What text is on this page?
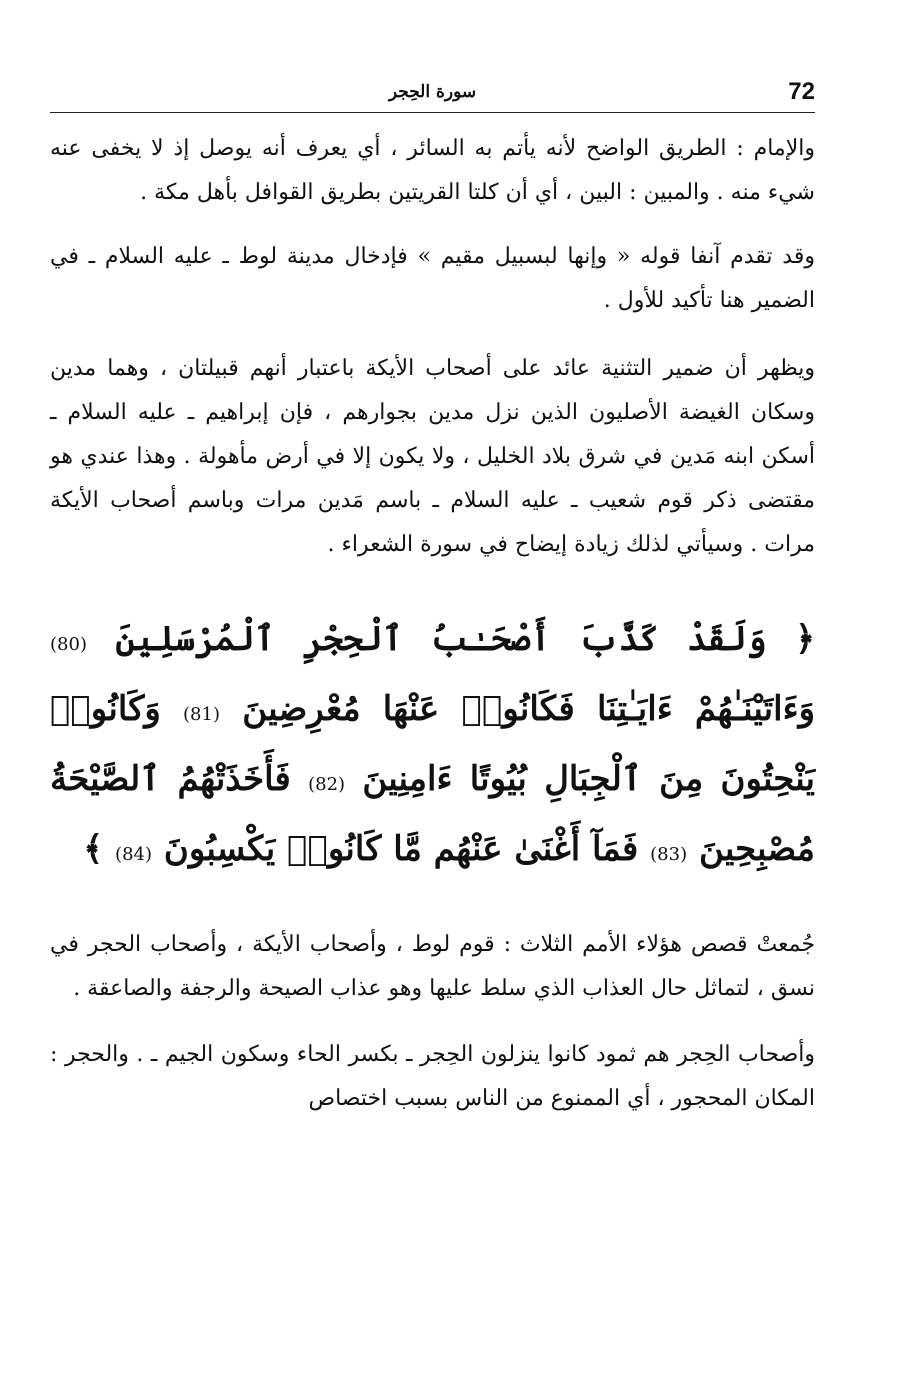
72
سورة الحِجر

والإمام : الطريق الواضح لأنه يأتم به السائر ، أي يعرف أنه يوصل إذ لا يخفى عنه شيء منه . والمبين : البين ، أي أن كلتا القريتين بطريق القوافل بأهل مكة .

وقد تقدم آنفا قوله « وإنها لبسبيل مقيم » فإدخال مدينة لوط ـ عليه السلام ـ في الضمير هنا تأكيد للأول .

ويظهر أن ضمير التثنية عائد على أصحاب الأيكة باعتبار أنهم قبيلتان ، وهما مدين وسكان الغيضة الأصليون الذين نزل مدين بجوارهم ، فإن إبراهيم ـ عليه السلام ـ أسكن ابنه مَدين في شرق بلاد الخليل ، ولا يكون إلا في أرض مأهولة . وهذا عندي هو مقتضى ذكر قوم شعيب ـ عليه السلام ـ باسم مَدين مرات وباسم أصحاب الأيكة مرات . وسيأتي لذلك زيادة إيضاح في سورة الشعراء .

﴿ وَلَقَدْ كَذَّبَ أَصْحَـٰبُ ٱلْحِجْرِ ٱلْمُرْسَلِينَ (80) وَءَاتَيْنَـٰهُمْ ءَايَـٰتِنَا فَكَانُوا۟ عَنْهَا مُعْرِضِينَ (81) وَكَانُوا۟ يَنْحِتُونَ مِنَ ٱلْجِبَالِ بُيُوتًا ءَامِنِينَ (82) فَأَخَذَتْهُمُ ٱلصَّيْحَةُ مُصْبِحِينَ (83) فَمَآ أَغْنَىٰ عَنْهُم مَّا كَانُوا۟ يَكْسِبُونَ (84) ﴾

جُمعتْ قصص هؤلاء الأمم الثلاث : قوم لوط ، وأصحاب الأيكة ، وأصحاب الحجر في نسق ، لتماثل حال العذاب الذي سلط عليها وهو عذاب الصيحة والرجفة والصاعقة .

وأصحاب الحِجر هم ثمود كانوا ينزلون الحِجر ـ بكسر الحاء وسكون الجيم ـ . والحجر : المكان المحجور ، أي الممنوع من الناس بسبب اختصاص
